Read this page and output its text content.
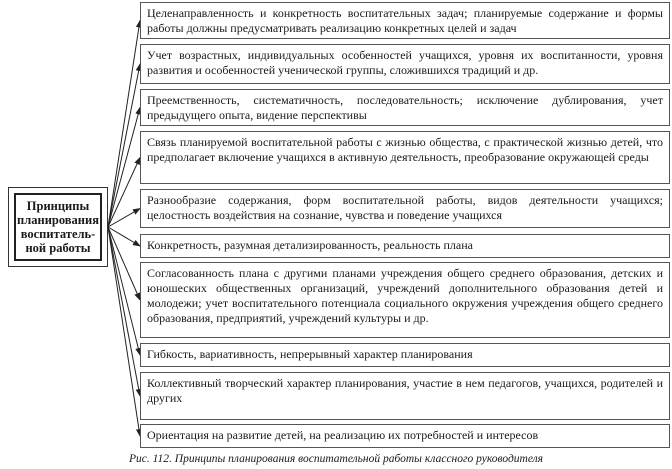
Принципы
планирования
воспитатель-
ной работы
Целенаправленность и конкретность воспитательных задач; планируемые содержание и формы работы должны предусматривать реализацию конкретных целей и задач
Учет возрастных, индивидуальных особенностей учащихся, уровня их воспитанности, уровня развития и особенностей ученической группы, сложившихся традиций и др.
Преемственность, систематичность, последовательность; исключение дублирования, учет предыдущего опыта, видение перспективы
Связь планируемой воспитательной работы с жизнью общества, с практической жизнью детей, что предполагает включение учащихся в активную деятельность, преобразование окружающей среды
Разнообразие содержания, форм воспитательной работы, видов деятельности учащихся; целостность воздействия на сознание, чувства и поведение учащихся
Конкретность, разумная детализированность, реальность плана
Согласованность плана с другими планами учреждения общего среднего образования, детских и юношеских общественных организаций, учреждений дополнительного образования детей и молодежи; учет воспитательного потенциала социального окружения учреждения общего среднего образования, предприятий, учреждений культуры и др.
Гибкость, вариативность, непрерывный характер планирования
Коллективный творческий характер планирования, участие в нем педагогов, учащихся, родителей и других
Ориентация на развитие детей, на реализацию их потребностей и интересов
Рис. 112. Принципы планирования воспитательной работы классного руководителя
